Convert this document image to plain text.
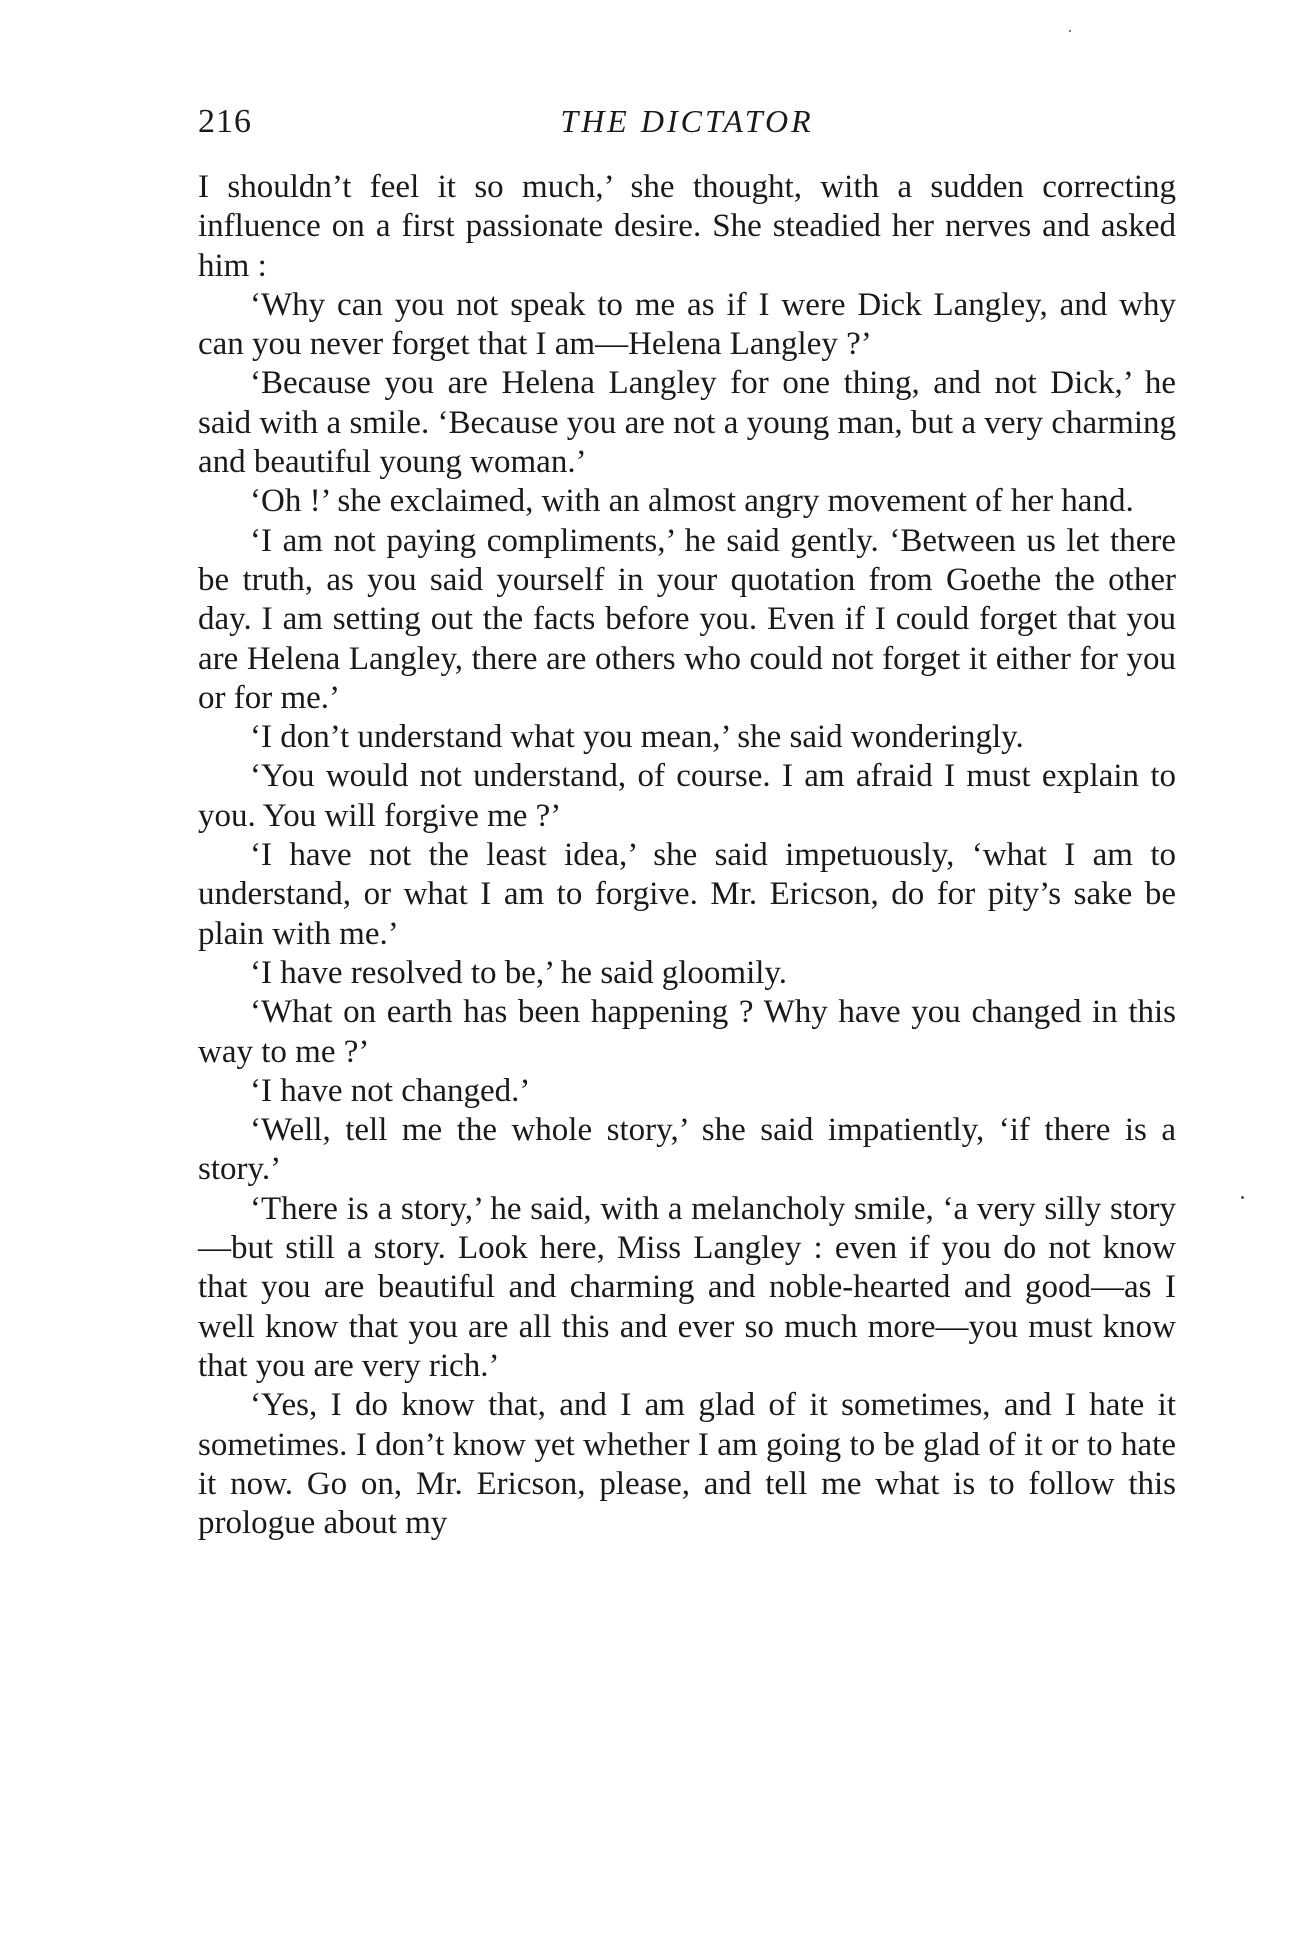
216	THE DICTATOR

I shouldn’t feel it so much,’ she thought, with a sudden correcting influence on a first passionate desire. She steadied her nerves and asked him :

‘Why can you not speak to me as if I were Dick Langley, and why can you never forget that I am—Helena Langley ?’

‘Because you are Helena Langley for one thing, and not Dick,’ he said with a smile. ‘Because you are not a young man, but a very charming and beautiful young woman.’

‘Oh !’ she exclaimed, with an almost angry movement of her hand.

‘I am not paying compliments,’ he said gently. ‘Between us let there be truth, as you said yourself in your quotation from Goethe the other day. I am setting out the facts before you. Even if I could forget that you are Helena Langley, there are others who could not forget it either for you or for me.’

‘I don’t understand what you mean,’ she said wonderingly.

‘You would not understand, of course. I am afraid I must explain to you. You will forgive me ?’

‘I have not the least idea,’ she said impetuously, ‘what I am to understand, or what I am to forgive. Mr. Ericson, do for pity’s sake be plain with me.’

‘I have resolved to be,’ he said gloomily.

‘What on earth has been happening ? Why have you changed in this way to me ?’

‘I have not changed.’

‘Well, tell me the whole story,’ she said impatiently, ‘if there is a story.’

‘There is a story,’ he said, with a melancholy smile, ‘a very silly story—but still a story. Look here, Miss Langley : even if you do not know that you are beautiful and charming and noble-hearted and good—as I well know that you are all this and ever so much more—you must know that you are very rich.’

‘Yes, I do know that, and I am glad of it sometimes, and I hate it sometimes. I don’t know yet whether I am going to be glad of it or to hate it now. Go on, Mr. Ericson, please, and tell me what is to follow this prologue about my
